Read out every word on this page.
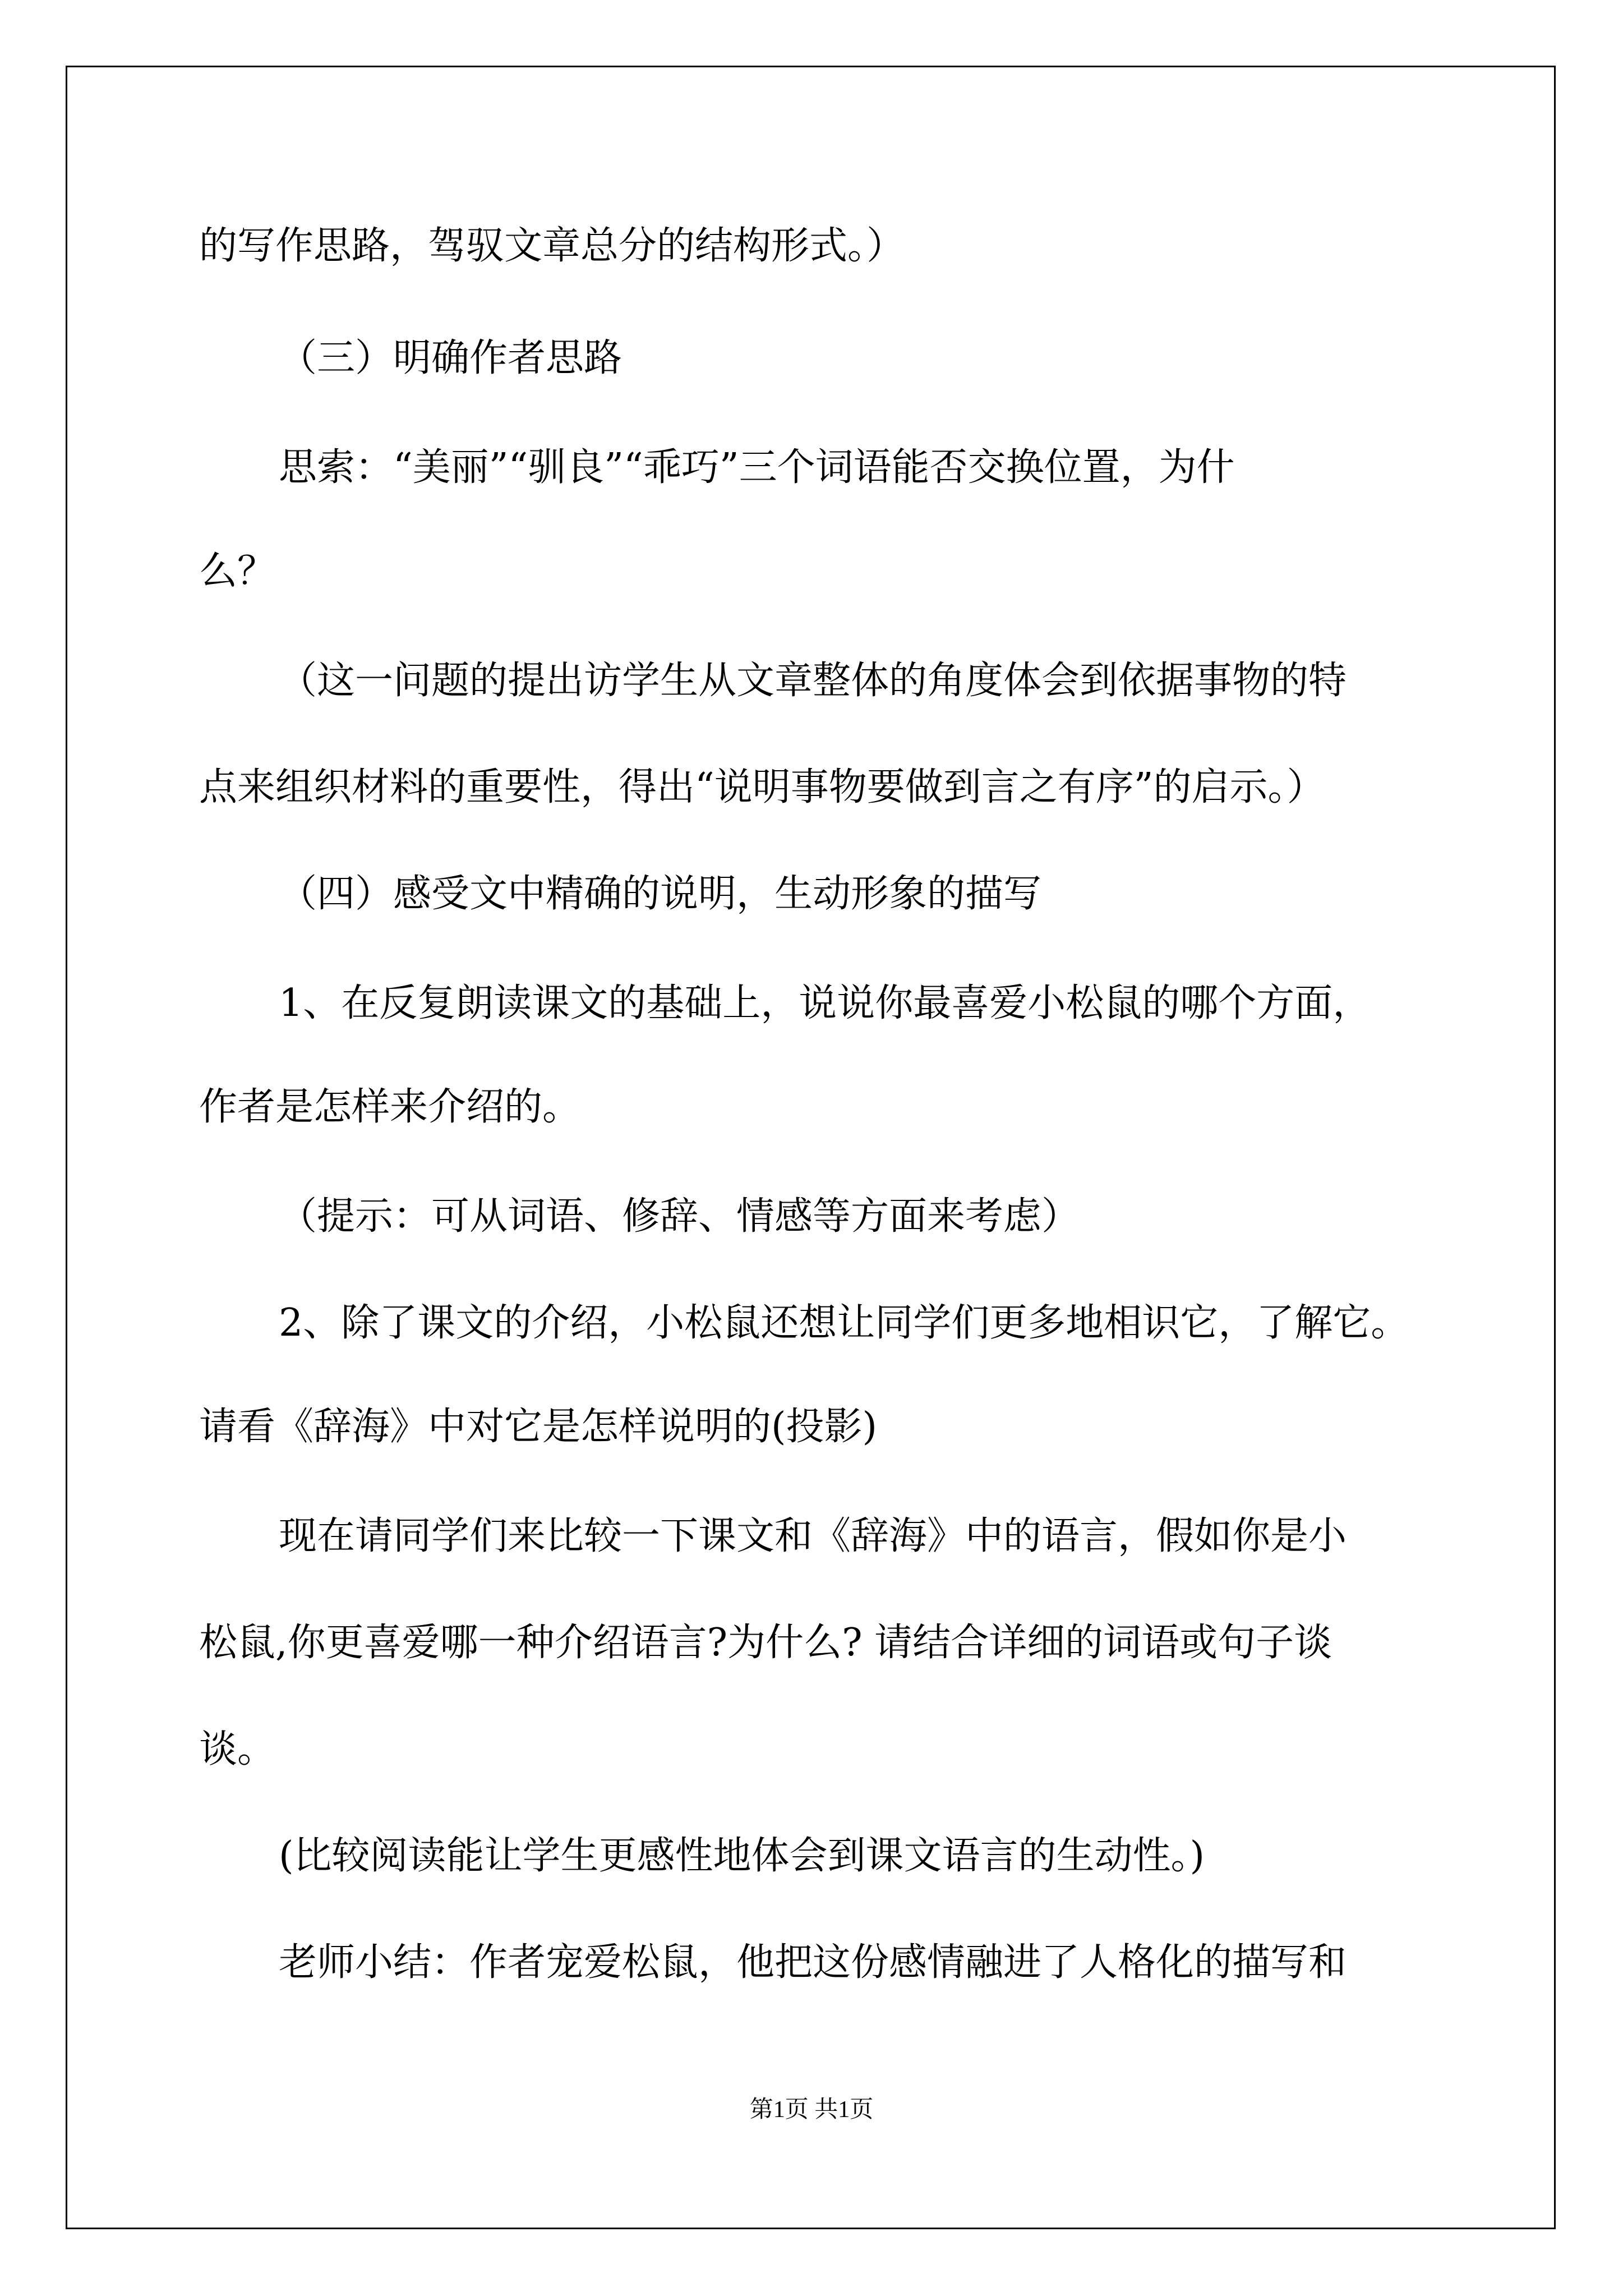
的写作思路，驾驭文章总分的结构形式。）
（三）明确作者思路
思索：“美丽”“驯良”“乖巧”三个词语能否交换位置，为什
么？
（这一问题的提出访学生从文章整体的角度体会到依据事物的特
点来组织材料的重要性，得出“说明事物要做到言之有序”的启示。）
（四）感受文中精确的说明，生动形象的描写
1、在反复朗读课文的基础上，说说你最喜爱小松鼠的哪个方面，
作者是怎样来介绍的。
（提示：可从词语、修辞、情感等方面来考虑）
2、除了课文的介绍，小松鼠还想让同学们更多地相识它，了解它。
请看《辞海》中对它是怎样说明的(投影)
现在请同学们来比较一下课文和《辞海》中的语言，假如你是小
松鼠,你更喜爱哪一种介绍语言?为什么? 请结合详细的词语或句子谈
谈。
(比较阅读能让学生更感性地体会到课文语言的生动性。)
老师小结：作者宠爱松鼠，他把这份感情融进了人格化的描写和
第1页 共1页
